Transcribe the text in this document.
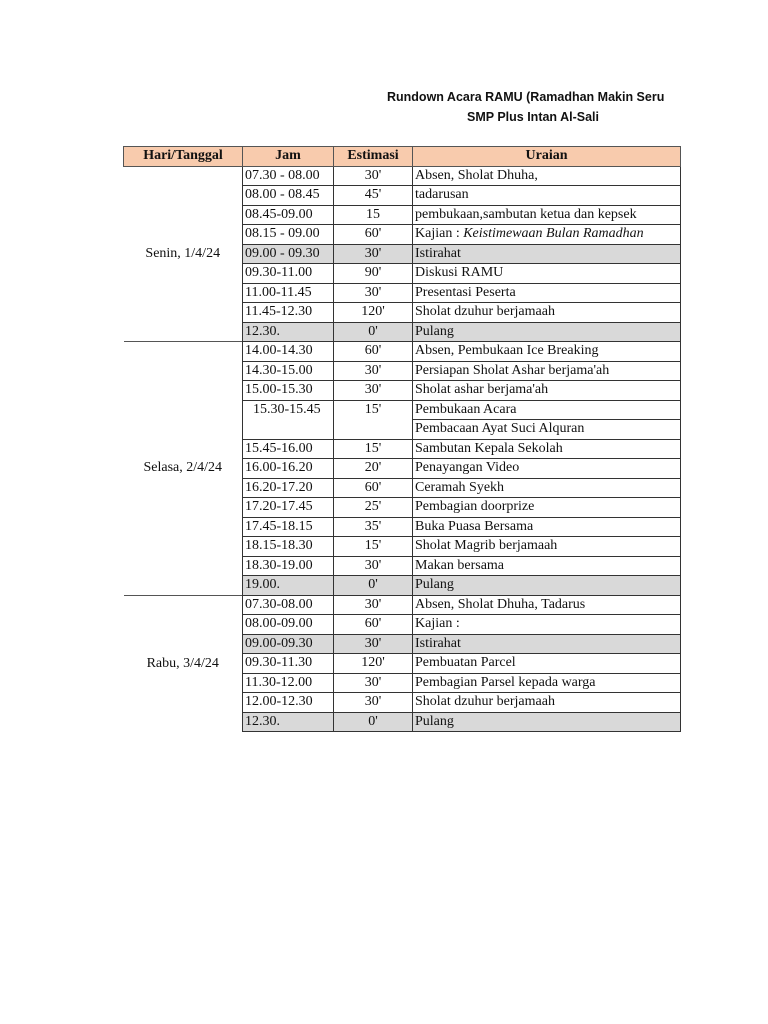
Rundown Acara RAMU (Ramadhan Makin Seru
SMP Plus Intan Al-Sali
Hari/Tanggal	Jam	Estimasi	Uraian
Senin, 1/4/24	07.30 - 08.00	30'	Absen, Sholat Dhuha,
	08.00 - 08.45	45'	tadarusan
	08.45-09.00	15	pembukaan,sambutan ketua dan kepsek
	08.15 - 09.00	60'	Kajian : Keistimewaan Bulan Ramadhan
	09.00 - 09.30	30'	Istirahat
	09.30-11.00	90'	Diskusi RAMU
	11.00-11.45	30'	Presentasi Peserta
	11.45-12.30	120'	Sholat dzuhur berjamaah
	12.30.	0'	Pulang
Selasa, 2/4/24	14.00-14.30	60'	Absen, Pembukaan Ice Breaking
	14.30-15.00	30'	Persiapan Sholat Ashar berjama'ah
	15.00-15.30	30'	Sholat ashar berjama'ah
	15.30-15.45	15'	Pembukaan Acara
			Pembacaan Ayat Suci Alquran
	15.45-16.00	15'	Sambutan Kepala Sekolah
	16.00-16.20	20'	Penayangan Video
	16.20-17.20	60'	Ceramah Syekh
	17.20-17.45	25'	Pembagian doorprize
	17.45-18.15	35'	Buka Puasa Bersama
	18.15-18.30	15'	Sholat Magrib berjamaah
	18.30-19.00	30'	Makan bersama
	19.00.	0'	Pulang
Rabu, 3/4/24	07.30-08.00	30'	Absen, Sholat Dhuha, Tadarus
	08.00-09.00	60'	Kajian :
	09.00-09.30	30'	Istirahat
	09.30-11.30	120'	Pembuatan Parcel
	11.30-12.00	30'	Pembagian Parsel kepada warga
	12.00-12.30	30'	Sholat dzuhur berjamaah
	12.30.	0'	Pulang
